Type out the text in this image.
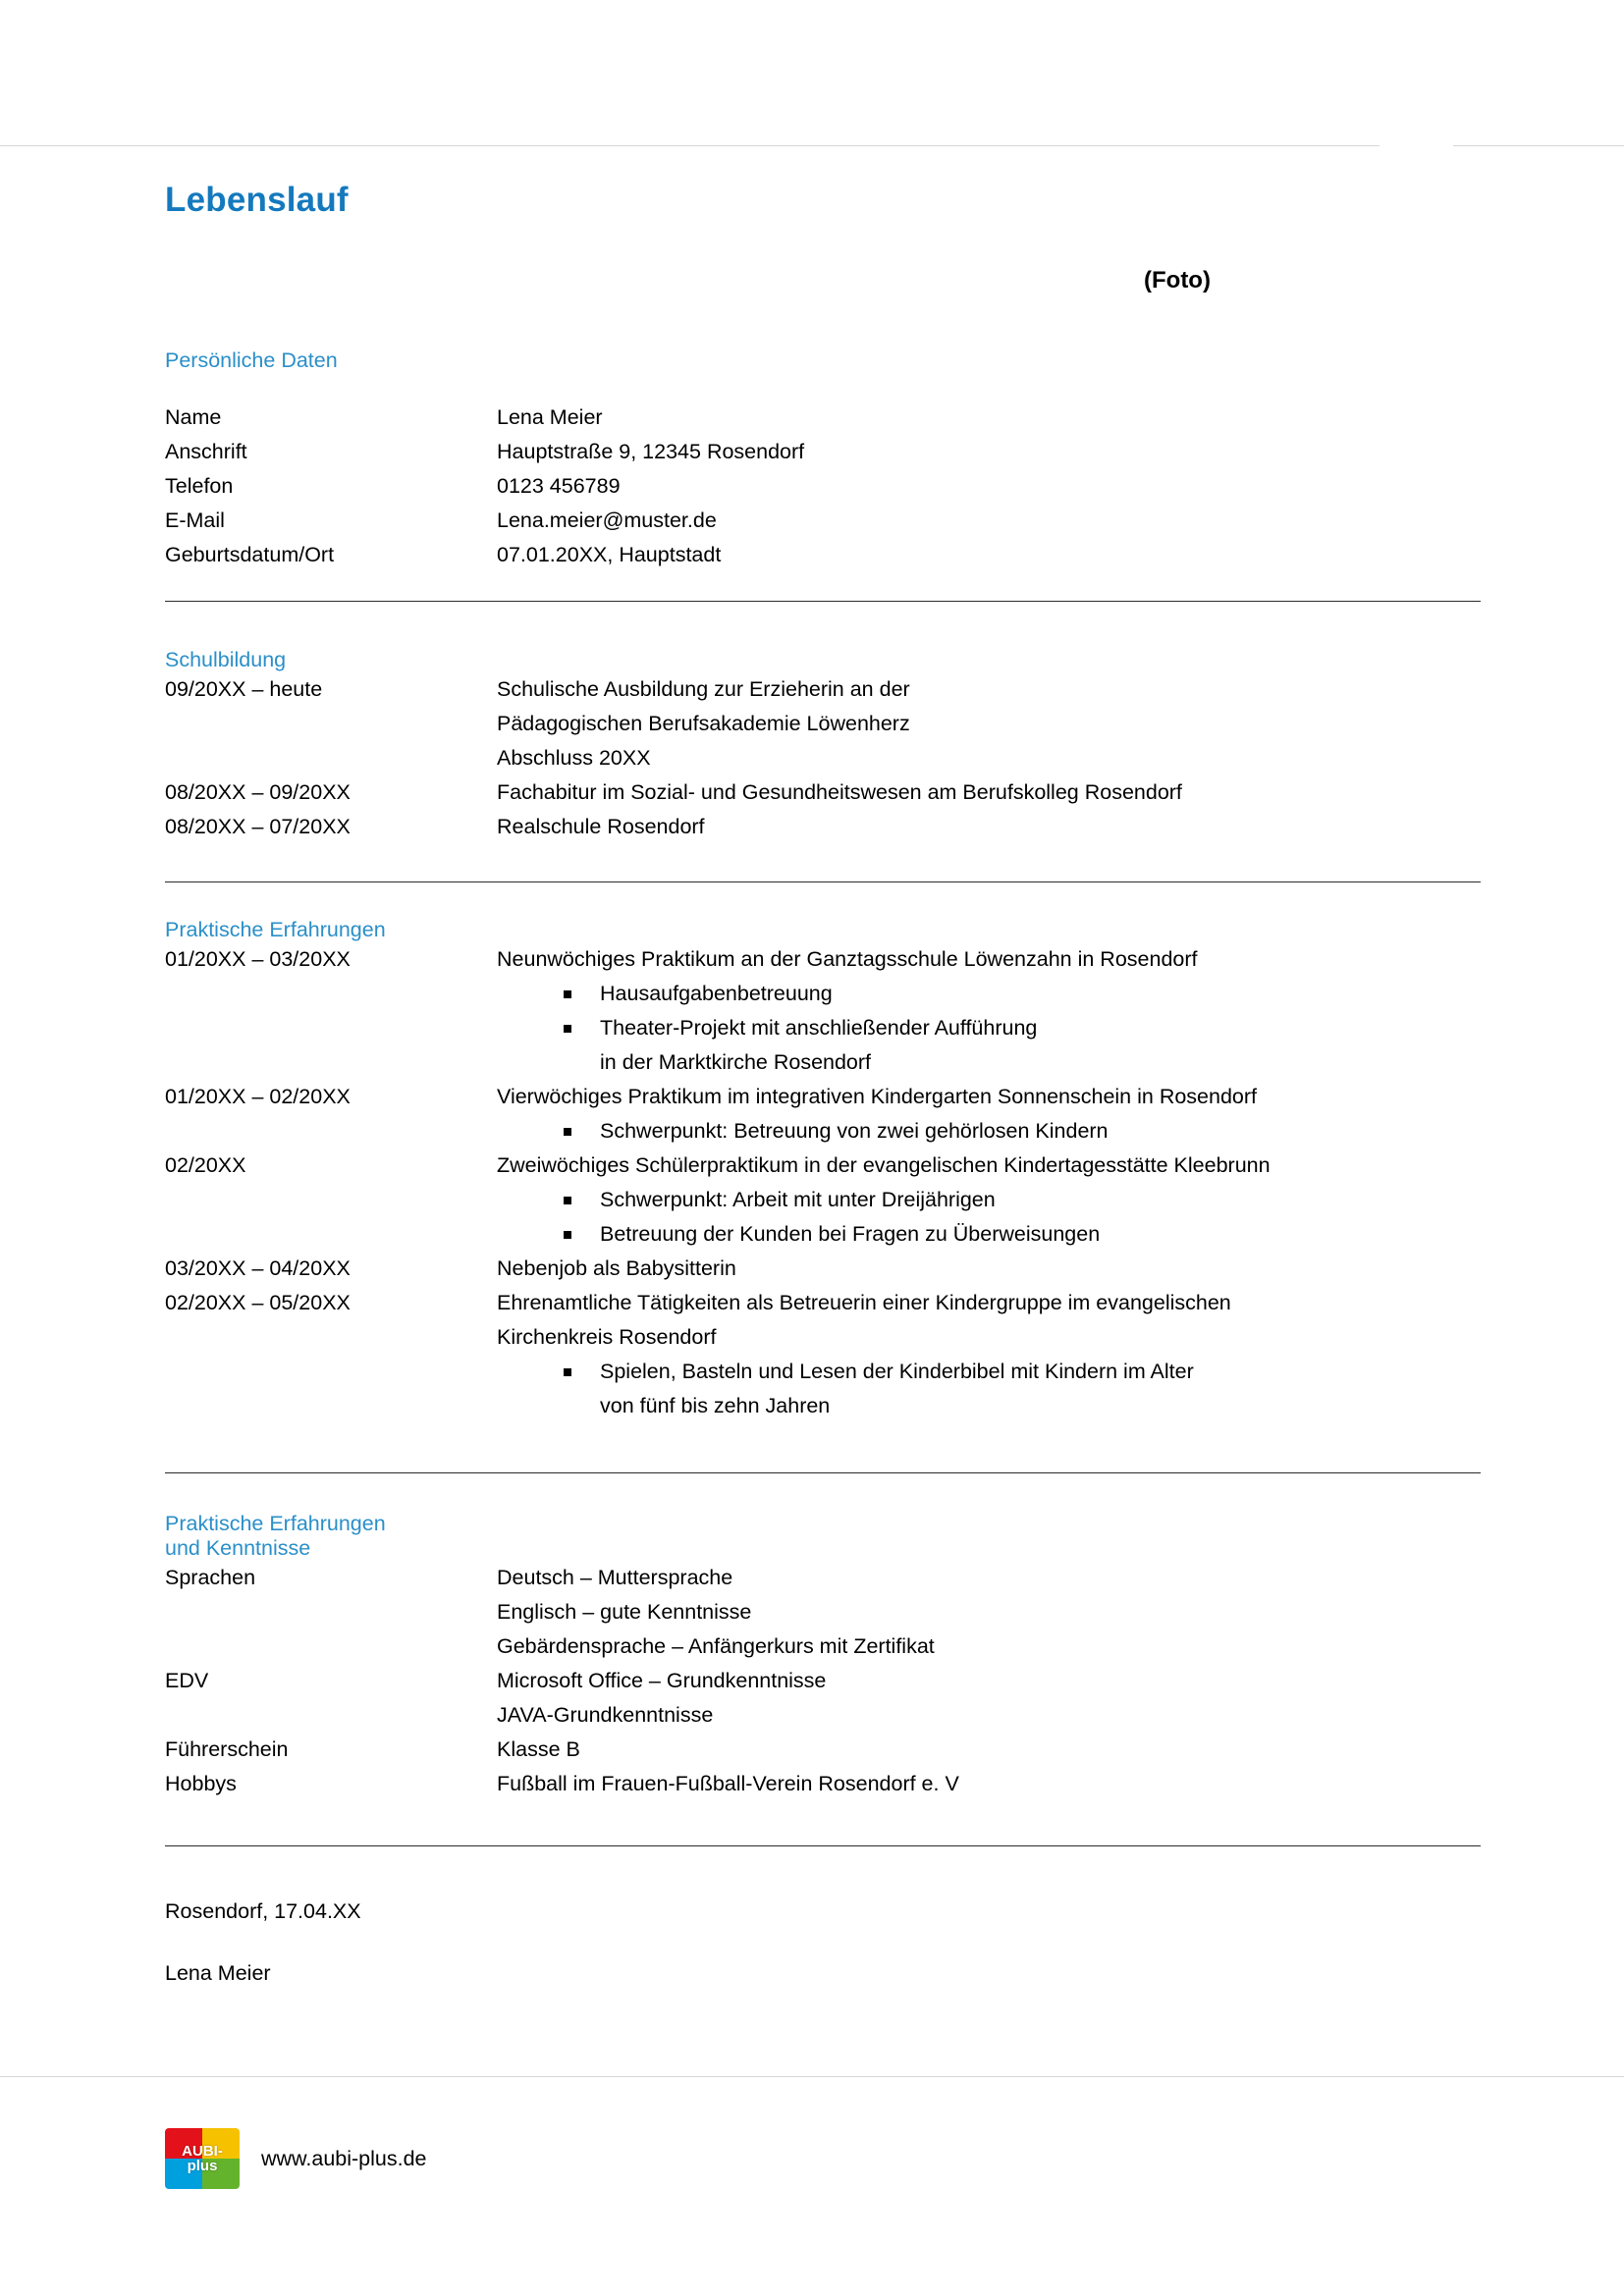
Lebenslauf
(Foto)
Persönliche Daten
Name	Lena Meier
Anschrift	Hauptstraße 9, 12345 Rosendorf
Telefon	0123 456789
E-Mail	Lena.meier@muster.de
Geburtsdatum/Ort	07.01.20XX, Hauptstadt
Schulbildung
09/20XX – heute	Schulische Ausbildung zur Erzieherin an der
Pädagogischen Berufsakademie Löwenherz
Abschluss 20XX
08/20XX – 09/20XX	Fachabitur im Sozial- und Gesundheitswesen am Berufskolleg Rosendorf
08/20XX – 07/20XX	Realschule Rosendorf
Praktische Erfahrungen
01/20XX – 03/20XX	Neunwöchiges Praktikum an der Ganztagsschule Löwenzahn in Rosendorf
Hausaufgabenbetreuung
Theater-Projekt mit anschließender Aufführung
in der Marktkirche Rosendorf
01/20XX – 02/20XX	Vierwöchiges Praktikum im integrativen Kindergarten Sonnenschein in Rosendorf
Schwerpunkt: Betreuung von zwei gehörlosen Kindern
02/20XX	Zweiwöchiges Schülerpraktikum in der evangelischen Kindertagesstätte Kleebrunn
Schwerpunkt: Arbeit mit unter Dreijährigen
Betreuung der Kunden bei Fragen zu Überweisungen
03/20XX – 04/20XX	Nebenjob als Babysitterin
02/20XX – 05/20XX	Ehrenamtliche Tätigkeiten als Betreuerin einer Kindergruppe im evangelischen
Kirchenkreis Rosendorf
Spielen, Basteln und Lesen der Kinderbibel mit Kindern im Alter
von fünf bis zehn Jahren
Praktische Erfahrungen
und Kenntnisse
Sprachen	Deutsch – Muttersprache
Englisch – gute Kenntnisse
Gebärdensprache – Anfängerkurs mit Zertifikat
EDV	Microsoft Office – Grundkenntnisse
JAVA-Grundkenntnisse
Führerschein	Klasse B
Hobbys	Fußball im Frauen-Fußball-Verein Rosendorf e. V
Rosendorf, 17.04.XX
Lena Meier
AUBI-
plus www.aubi-plus.de
